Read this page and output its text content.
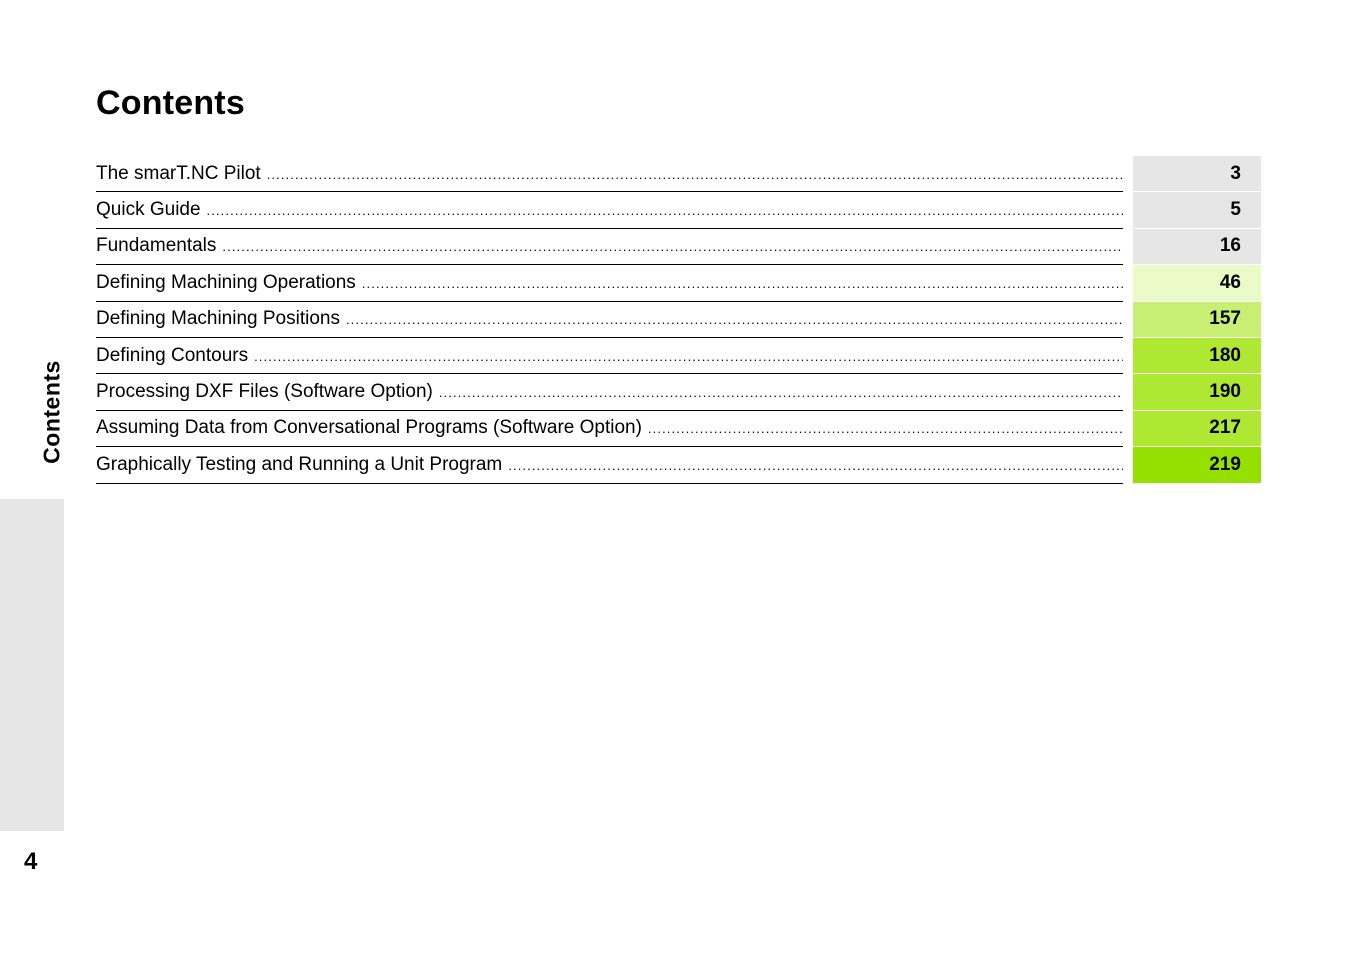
Contents
4
Contents
The smarT.NC Pilot .....	3
Quick Guide .....	5
Fundamentals .....	16
Defining Machining Operations .....	46
Defining Machining Positions .....	157
Defining Contours .....	180
Processing DXF Files (Software Option) .....	190
Assuming Data from Conversational Programs (Software Option) .....	217
Graphically Testing and Running a Unit Program .....	219
